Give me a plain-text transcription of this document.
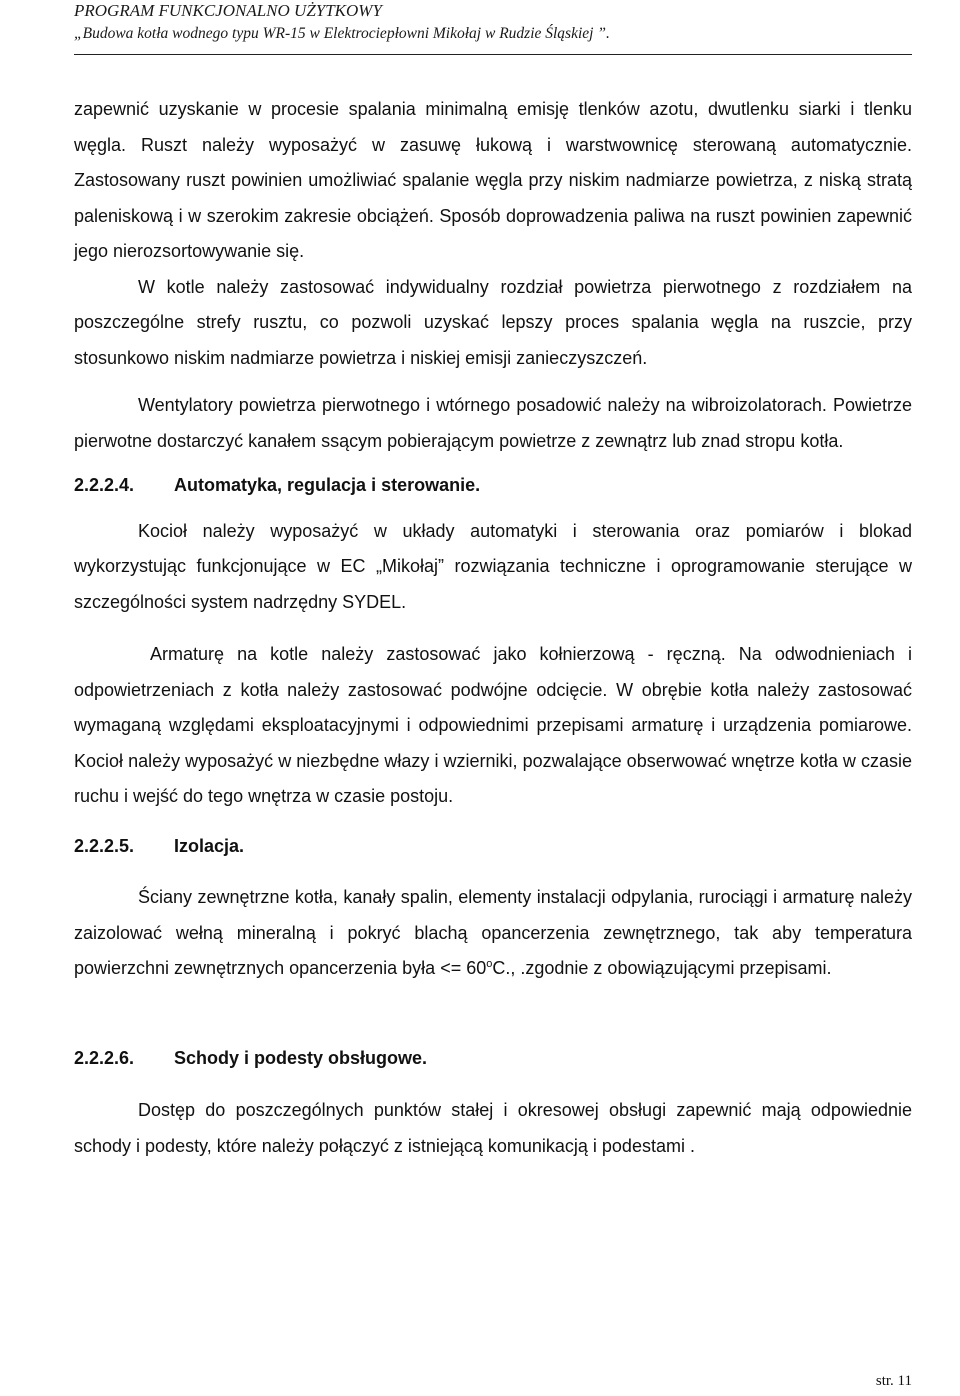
PROGRAM FUNKCJONALNO UŻYTKOWY
„Budowa kotła wodnego typu WR-15 w Elektrociepłowni Mikołaj w Rudzie Śląskiej ”.

zapewnić uzyskanie w procesie spalania minimalną emisję tlenków azotu, dwutlenku siarki i tlenku węgla. Ruszt należy wyposażyć w zasuwę łukową i warstwownicę sterowaną automatycznie. Zastosowany ruszt powinien umożliwiać spalanie węgla przy niskim nadmiarze powietrza, z niską stratą paleniskową i w szerokim zakresie obciążeń. Sposób doprowadzenia paliwa na ruszt powinien zapewnić jego nierozsortowywanie się.

W kotle należy zastosować indywidualny rozdział powietrza pierwotnego z rozdziałem na poszczególne strefy rusztu, co pozwoli uzyskać lepszy proces spalania węgla na ruszcie, przy stosunkowo niskim nadmiarze powietrza i niskiej emisji zanieczyszczeń.

Wentylatory powietrza pierwotnego i wtórnego posadowić należy na wibroizolatorach. Powietrze pierwotne dostarczyć kanałem ssącym pobierającym powietrze z zewnątrz lub znad stropu kotła.

2.2.2.4.	Automatyka, regulacja i sterowanie.

Kocioł należy wyposażyć w układy automatyki i sterowania oraz pomiarów i blokad wykorzystując funkcjonujące w EC „Mikołaj” rozwiązania techniczne i oprogramowanie sterujące w szczególności system nadrzędny SYDEL.

Armaturę na kotle należy zastosować jako kołnierzową - ręczną. Na odwodnieniach i odpowietrzeniach z kotła należy zastosować podwójne odcięcie. W obrębie kotła należy zastosować wymaganą względami eksploatacyjnymi i odpowiednimi przepisami armaturę i urządzenia pomiarowe. Kocioł należy wyposażyć w niezbędne włazy i wzierniki, pozwalające obserwować wnętrze kotła w czasie ruchu i wejść do tego wnętrza w czasie postoju.

2.2.2.5.	Izolacja.

Ściany zewnętrzne kotła, kanały spalin, elementy instalacji odpylania, rurociągi i armaturę należy zaizolować wełną mineralną i pokryć blachą opancerzenia zewnętrznego, tak aby temperatura powierzchni zewnętrznych opancerzenia była <= $60^oC$., .zgodnie z obowiązującymi przepisami.

2.2.2.6.	Schody i podesty obsługowe.

Dostęp do poszczególnych punktów stałej i okresowej obsługi zapewnić mają odpowiednie schody i podesty, które należy połączyć z istniejącą komunikacją i podestami .

str. 11
